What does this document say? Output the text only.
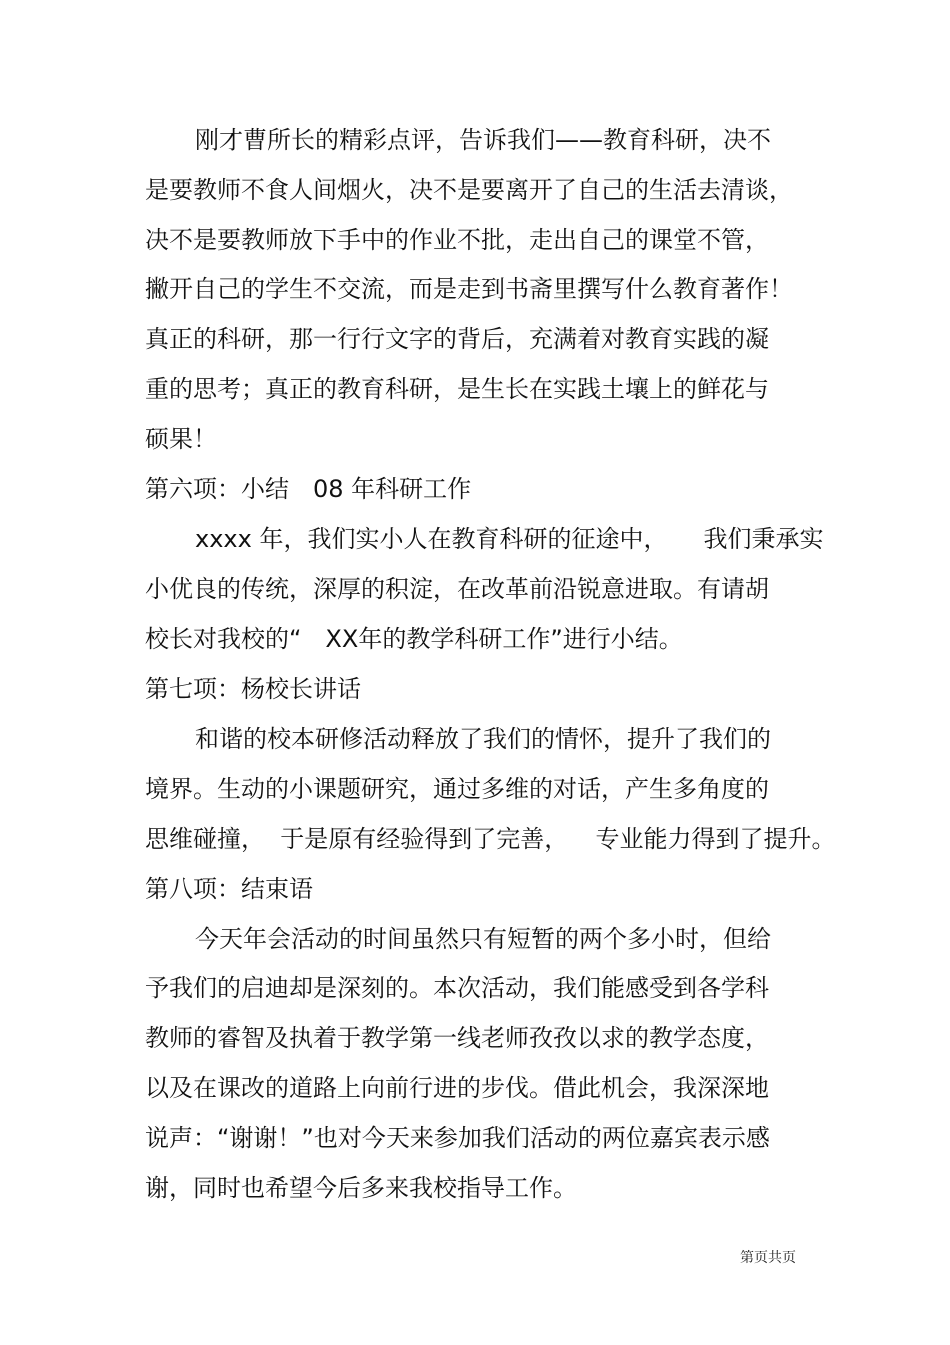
刚才曹所长的精彩点评，告诉我们——教育科研，决不
是要教师不食人间烟火，决不是要离开了自己的生活去清谈，
决不是要教师放下手中的作业不批，走出自己的课堂不管，
撇开自己的学生不交流，而是走到书斋里撰写什么教育著作！
真正的科研，那一行行文字的背后，充满着对教育实践的凝
重的思考；真正的教育科研，是生长在实践土壤上的鲜花与
硕果！
第六项：小结　08 年科研工作
xxxx 年，我们实小人在教育科研的征途中，　　我们秉承实
小优良的传统，深厚的积淀，在改革前沿锐意进取。有请胡
校长对我校的“　XX年的教学科研工作”进行小结。
第七项：杨校长讲话
和谐的校本研修活动释放了我们的情怀，提升了我们的
境界。生动的小课题研究，通过多维的对话，产生多角度的
思维碰撞，  于是原有经验得到了完善，　  专业能力得到了提升。
第八项：结束语
今天年会活动的时间虽然只有短暂的两个多小时，但给
予我们的启迪却是深刻的。本次活动，我们能感受到各学科
教师的睿智及执着于教学第一线老师孜孜以求的教学态度，
以及在课改的道路上向前行进的步伐。借此机会，我深深地
说声：“谢谢！”也对今天来参加我们活动的两位嘉宾表示感
谢，同时也希望今后多来我校指导工作。
第页共页
